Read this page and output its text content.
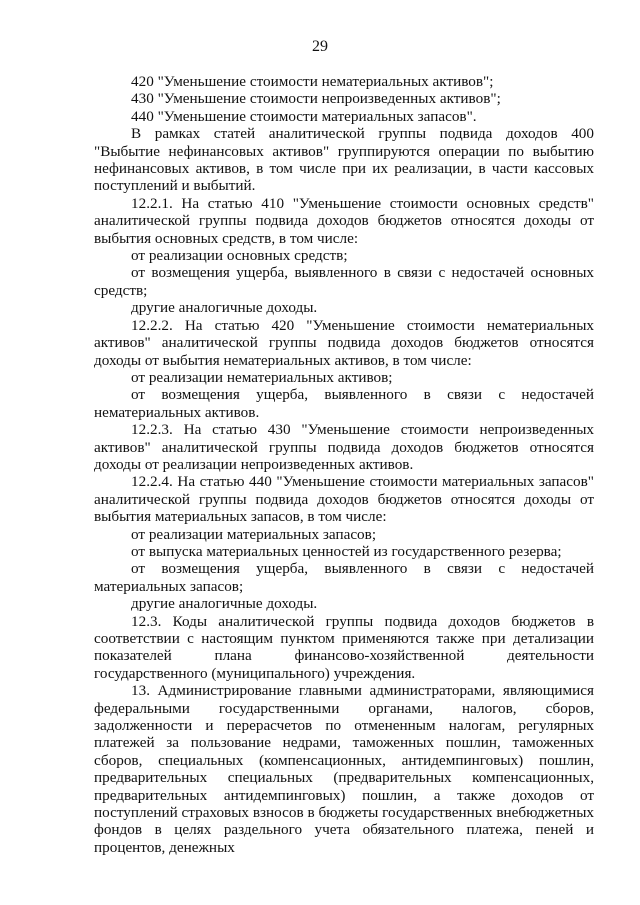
29

420 "Уменьшение стоимости нематериальных активов";

430 "Уменьшение стоимости непроизведенных активов";

440 "Уменьшение стоимости материальных запасов".

В рамках статей аналитической группы подвида доходов 400 "Выбытие нефинансовых активов" группируются операции по выбытию нефинансовых активов, в том числе при их реализации, в части кассовых поступлений и выбытий.

12.2.1. На статью 410 "Уменьшение стоимости основных средств" аналитической группы подвида доходов бюджетов относятся доходы от выбытия основных средств, в том числе:

от реализации основных средств;

от возмещения ущерба, выявленного в связи с недостачей основных средств;

другие аналогичные доходы.

12.2.2. На статью 420 "Уменьшение стоимости нематериальных активов" аналитической группы подвида доходов бюджетов относятся доходы от выбытия нематериальных активов, в том числе:

от реализации нематериальных активов;

от возмещения ущерба, выявленного в связи с недостачей нематериальных активов.

12.2.3. На статью 430 "Уменьшение стоимости непроизведенных активов" аналитической группы подвида доходов бюджетов относятся доходы от реализации непроизведенных активов.

12.2.4. На статью 440 "Уменьшение стоимости материальных запасов" аналитической группы подвида доходов бюджетов относятся доходы от выбытия материальных запасов, в том числе:

от реализации материальных запасов;

от выпуска материальных ценностей из государственного резерва;

от возмещения ущерба, выявленного в связи с недостачей материальных запасов;

другие аналогичные доходы.

12.3. Коды аналитической группы подвида доходов бюджетов в соответствии с настоящим пунктом применяются также при детализации показателей плана финансово-хозяйственной деятельности государственного (муниципального) учреждения.

13. Администрирование главными администраторами, являющимися федеральными государственными органами, налогов, сборов, задолженности и перерасчетов по отмененным налогам, регулярных платежей за пользование недрами, таможенных пошлин, таможенных сборов, специальных (компенсационных, антидемпинговых) пошлин, предварительных специальных (предварительных компенсационных, предварительных антидемпинговых) пошлин, а также доходов от поступлений страховых взносов в бюджеты государственных внебюджетных фондов в целях раздельного учета обязательного платежа, пеней и процентов, денежных
